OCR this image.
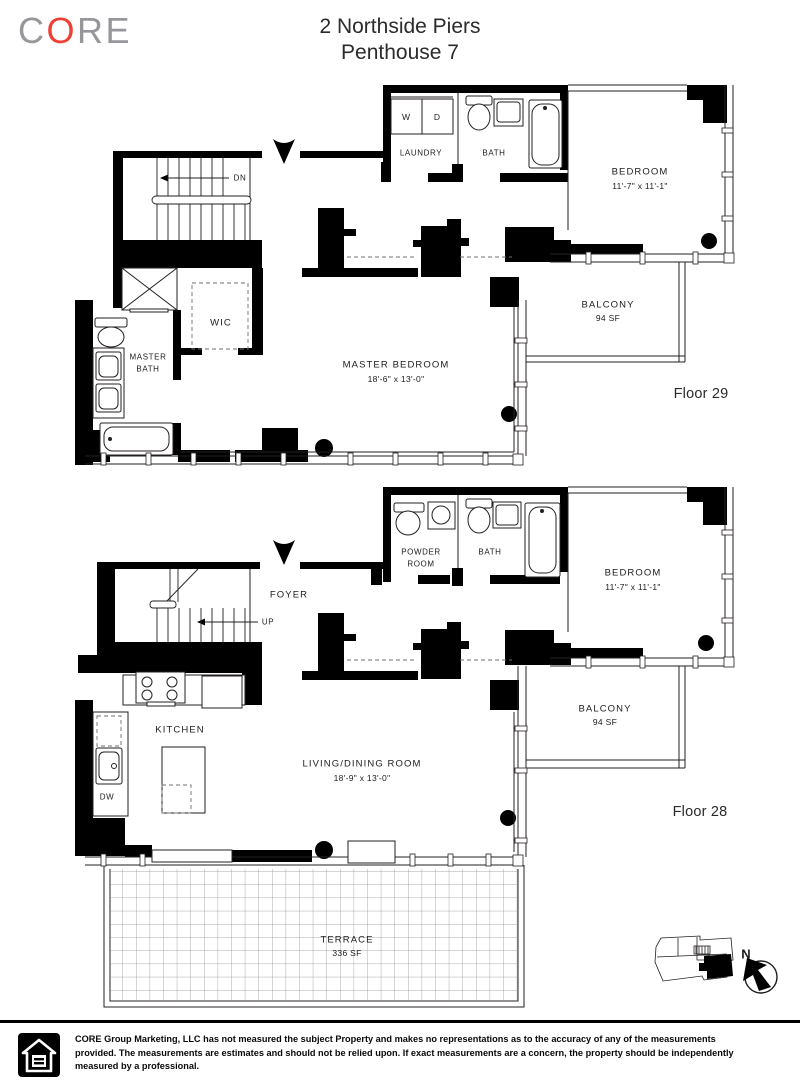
CORE	2 Northside Piers
Penthouse 7
W	D
LAUNDRY	BATH
BEDROOM
11'-7" x 11'-1"
DN
BALCONY
94 SF
WIC
MASTER
BATH	MASTER BEDROOM
18'-6" x 13'-0"
Floor 29
POWDER
ROOM
BATH
BEDROOM
11'-7" x 11'-1"
FOYER
UP
BALCONY
94 SF
KITCHEN
DW
LIVING/DINING ROOM
18'-9" x 13'-0"
Floor 28
TERRACE
336 SF	N
CORE Group Marketing, LLC has not measured the subject Property and makes no representations as to the accuracy of any of the measurements
provided. The measurements are estimates and should not be relied upon. If exact measurements are a concern, the property should be independently
measured by a professional.
